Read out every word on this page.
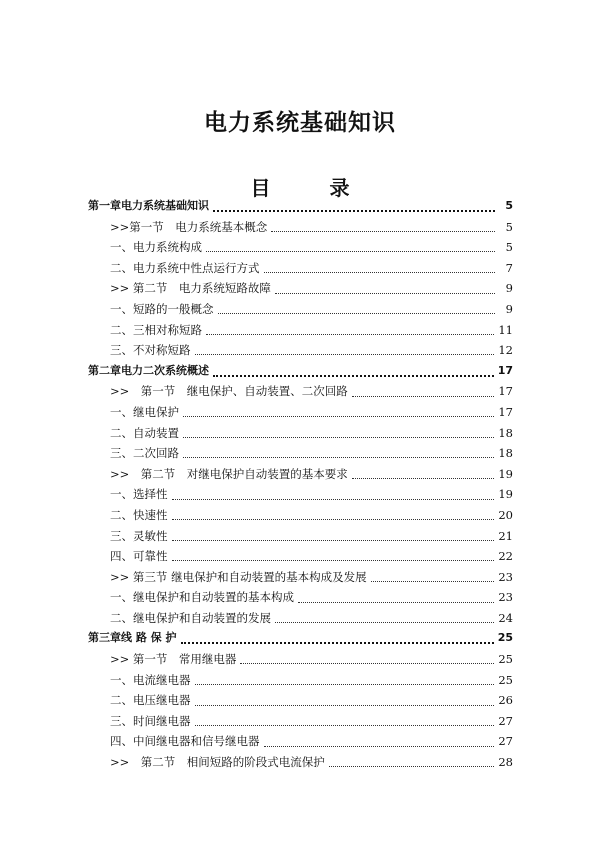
电力系统基础知识
目 录
第一章电力系统基础知识	5
>>第一节　电力系统基本概念	5
一、电力系统构成	5
二、电力系统中性点运行方式	7
>> 第二节　电力系统短路故障	9
一、短路的一般概念	9
二、三相对称短路	11
三、不对称短路	12
第二章电力二次系统概述	17
>>　第一节　继电保护、自动装置、二次回路	17
一、继电保护	17
二、自动装置	18
三、二次回路	18
>>　第二节　对继电保护自动装置的基本要求	19
一、选择性	19
二、快速性	20
三、灵敏性	21
四、可靠性	22
>> 第三节 继电保护和自动装置的基本构成及发展	23
一、继电保护和自动装置的基本构成	23
二、继电保护和自动装置的发展	24
第三章线 路 保 护	25
>> 第一节　常用继电器	25
一、电流继电器	25
二、电压继电器	26
三、时间继电器	27
四、中间继电器和信号继电器	27
>>　第二节　相间短路的阶段式电流保护	28
